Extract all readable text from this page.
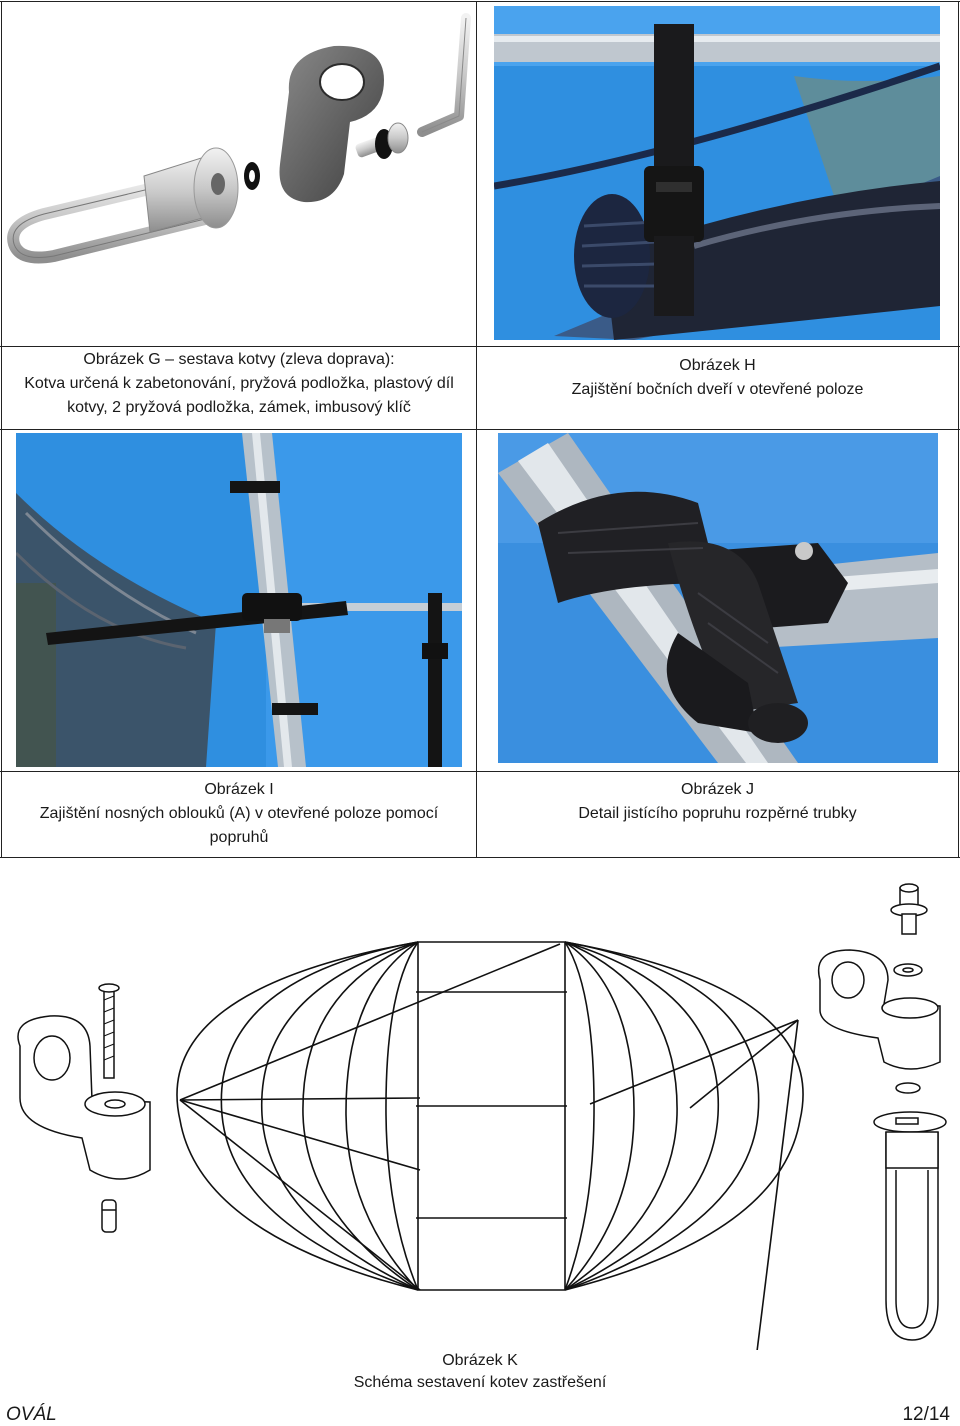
Obrázek G – sestava kotvy (zleva doprava):
Kotva určená k zabetonování, pryžová podložka, plastový díl
kotvy, 2 pryžová podložka, zámek, imbusový klíč
Obrázek H
Zajištění bočních dveří v otevřené poloze
Obrázek I
Zajištění nosných oblouků (A) v otevřené poloze pomocí
popruhů
Obrázek J
Detail jistícího popruhu rozpěrné trubky
Obrázek K
Schéma sestavení kotev zastřešení
OVÁL	12/14
